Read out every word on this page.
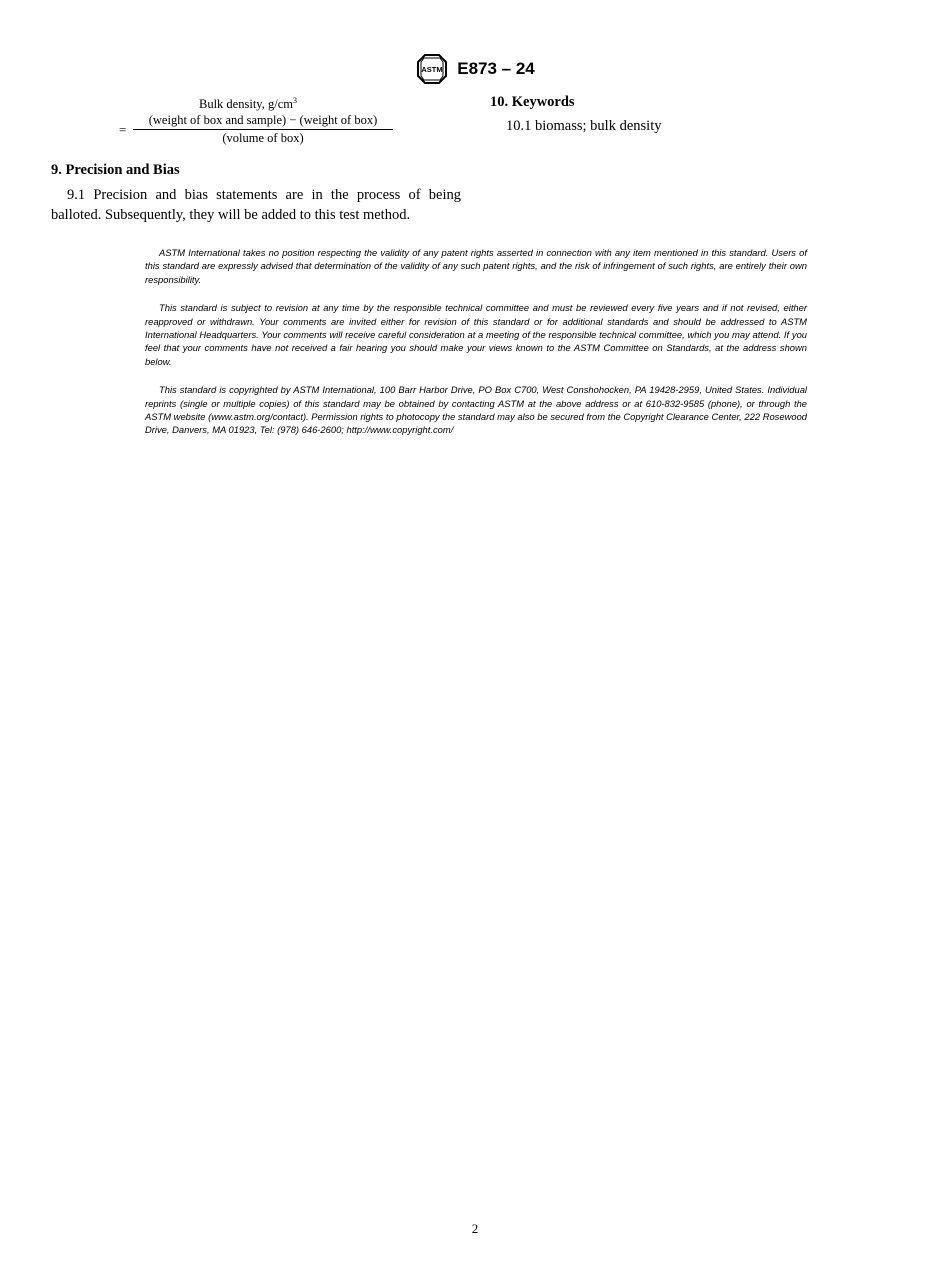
ASTM E873 – 24
Bulk density, $g/cm^3$
=
(weight of box and sample) − (weight of box)
(volume of box)
9. Precision and Bias

9.1 Precision and bias statements are in the process of being balloted. Subsequently, they will be added to this test method.

10. Keywords

10.1 biomass; bulk density

ASTM International takes no position respecting the validity of any patent rights asserted in connection with any item mentioned in this standard. Users of this standard are expressly advised that determination of the validity of any such patent rights, and the risk of infringement of such rights, are entirely their own responsibility.

This standard is subject to revision at any time by the responsible technical committee and must be reviewed every five years and if not revised, either reapproved or withdrawn. Your comments are invited either for revision of this standard or for additional standards and should be addressed to ASTM International Headquarters. Your comments will receive careful consideration at a meeting of the responsible technical committee, which you may attend. If you feel that your comments have not received a fair hearing you should make your views known to the ASTM Committee on Standards, at the address shown below.

This standard is copyrighted by ASTM International, 100 Barr Harbor Drive, PO Box C700, West Conshohocken, PA 19428-2959, United States. Individual reprints (single or multiple copies) of this standard may be obtained by contacting ASTM at the above address or at 610-832-9585 (phone), or through the ASTM website (www.astm.org/contact). Permission rights to photocopy the standard may also be secured from the Copyright Clearance Center, 222 Rosewood Drive, Danvers, MA 01923, Tel: (978) 646-2600; http://www.copyright.com/

2
